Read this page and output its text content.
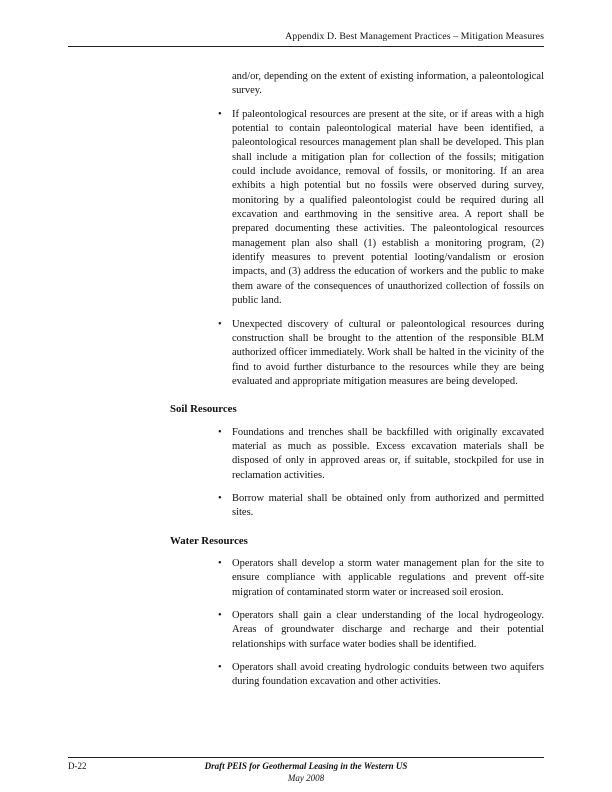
Appendix D. Best Management Practices – Mitigation Measures

and/or, depending on the extent of existing information, a paleontological survey.

• If paleontological resources are present at the site, or if areas with a high potential to contain paleontological material have been identified, a paleontological resources management plan shall be developed. This plan shall include a mitigation plan for collection of the fossils; mitigation could include avoidance, removal of fossils, or monitoring. If an area exhibits a high potential but no fossils were observed during survey, monitoring by a qualified paleontologist could be required during all excavation and earthmoving in the sensitive area. A report shall be prepared documenting these activities. The paleontological resources management plan also shall (1) establish a monitoring program, (2) identify measures to prevent potential looting/vandalism or erosion impacts, and (3) address the education of workers and the public to make them aware of the consequences of unauthorized collection of fossils on public land.
• Unexpected discovery of cultural or paleontological resources during construction shall be brought to the attention of the responsible BLM authorized officer immediately. Work shall be halted in the vicinity of the find to avoid further disturbance to the resources while they are being evaluated and appropriate mitigation measures are being developed.
Soil Resources
• Foundations and trenches shall be backfilled with originally excavated material as much as possible. Excess excavation materials shall be disposed of only in approved areas or, if suitable, stockpiled for use in reclamation activities.
• Borrow material shall be obtained only from authorized and permitted sites.
Water Resources
• Operators shall develop a storm water management plan for the site to ensure compliance with applicable regulations and prevent off-site migration of contaminated storm water or increased soil erosion.
• Operators shall gain a clear understanding of the local hydrogeology. Areas of groundwater discharge and recharge and their potential relationships with surface water bodies shall be identified.
• Operators shall avoid creating hydrologic conduits between two aquifers during foundation excavation and other activities.
D-22	Draft PEIS for Geothermal Leasing in the Western US
May 2008
